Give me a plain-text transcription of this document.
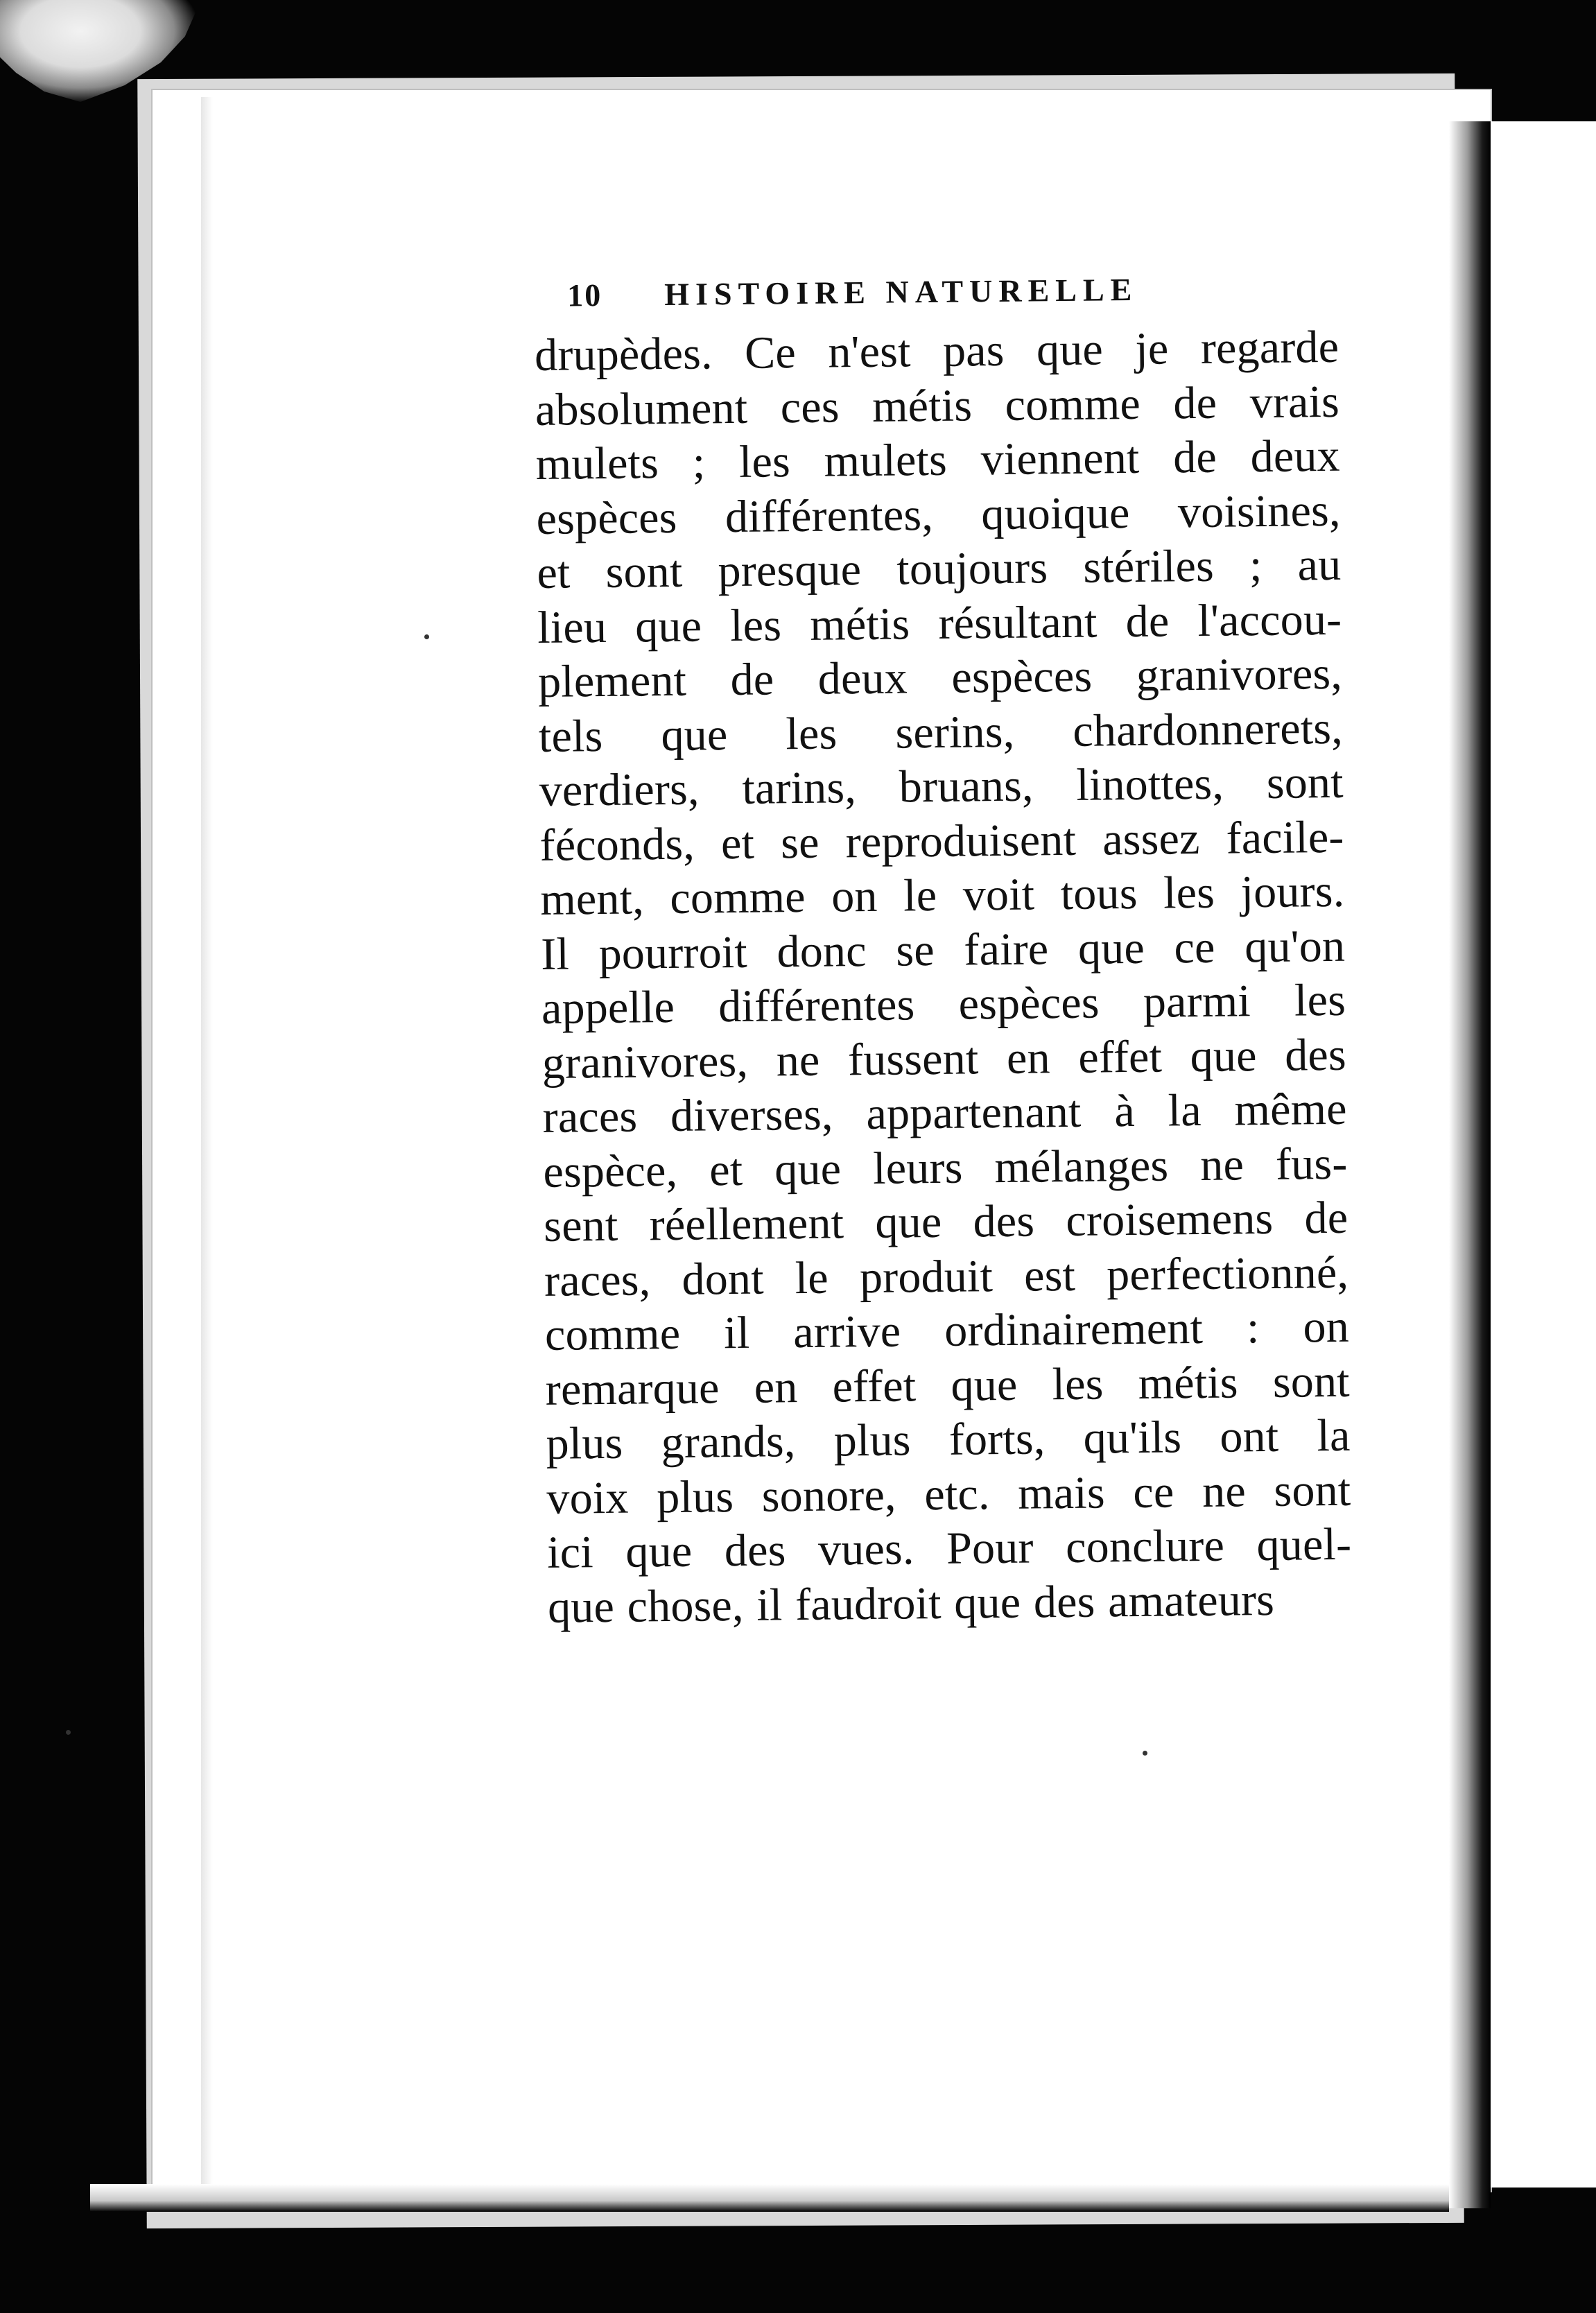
10	HISTOIRE NATURELLE
drupèdes. Ce n'est pas que je regarde
absolument ces métis comme de vrais
mulets ; les mulets viennent de deux
espèces différentes, quoique voisines,
et sont presque toujours stériles ; au
lieu que les métis résultant de l'accou-
plement de deux espèces granivores,
tels que les serins, chardonnerets,
verdiers, tarins, bruans, linottes, sont
féconds, et se reproduisent assez facile-
ment, comme on le voit tous les jours.
Il pourroit donc se faire que ce qu'on
appelle différentes espèces parmi les
granivores, ne fussent en effet que des
races diverses, appartenant à la même
espèce, et que leurs mélanges ne fus-
sent réellement que des croisemens de
races, dont le produit est perfectionné,
comme il arrive ordinairement : on
remarque en effet que les métis sont
plus grands, plus forts, qu'ils ont la
voix plus sonore, etc. mais ce ne sont
ici que des vues. Pour conclure quel-
que chose, il faudroit que des amateurs
